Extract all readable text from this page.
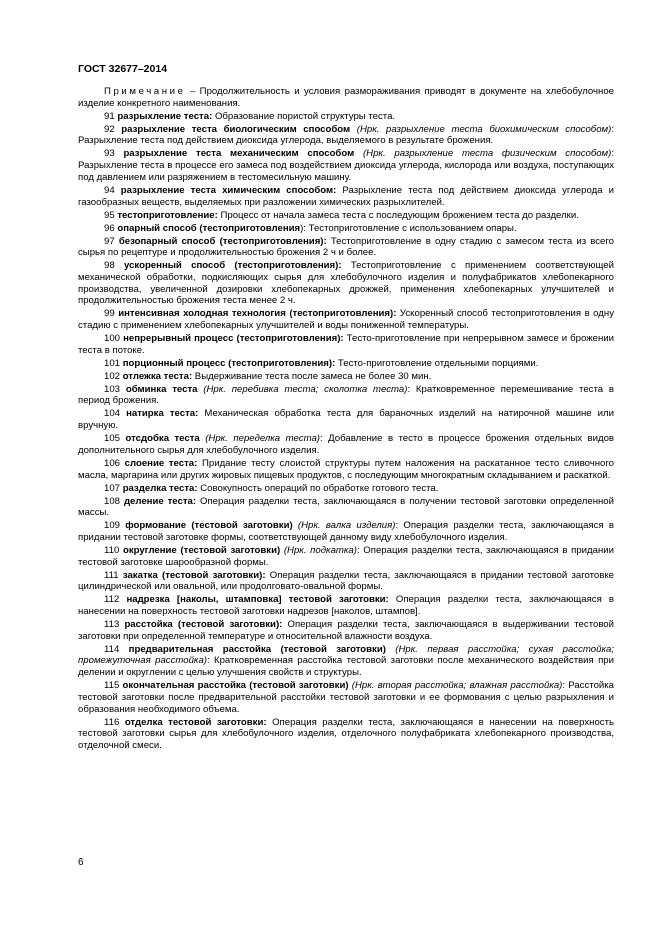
ГОСТ 32677–2014

Примечание – Продолжительность и условия размораживания приводят в документе на хлебобулочное изделие конкретного наименования.

91 разрыхление теста: Образование пористой структуры теста.

92 разрыхление теста биологическим способом (Нрк. разрыхление теста биохимическим способом): Разрыхление теста под действием диоксида углерода, выделяемого в результате брожения.

93 разрыхление теста механическим способом (Нрк. разрыхление теста физическим способом): Разрыхление теста в процессе его замеса под воздействием диоксида углерода, кислорода или воздуха, поступающих под давлением или разряжением в тестомесильную машину.

94 разрыхление теста химическим способом: Разрыхление теста под действием диоксида углерода и газообразных веществ, выделяемых при разложении химических разрыхлителей.

95 тестоприготовление: Процесс от начала замеса теста с последующим брожением теста до разделки.

96 опарный способ (тестоприготовления): Тестоприготовление с использованием опары.

97 безопарный способ (тестоприготовления): Тестоприготовление в одну стадию с замесом теста из всего сырья по рецептуре и продолжительностью брожения 2 ч и более.

98 ускоренный способ (тестоприготовления): Тестоприготовление с применением соответствующей механической обработки, подкисляющих сырья для хлебобулочного изделия и полуфабрикатов хлебопекарного производства, увеличенной дозировки хлебопекарных дрожжей, применения хлебопекарных улучшителей и продолжительностью брожения теста менее 2 ч.

99 интенсивная холодная технология (тестоприготовления): Ускоренный способ тестоприготовления в одну стадию с применением хлебопекарных улучшителей и воды пониженной температуры.

100 непрерывный процесс (тестоприготовления): Тесто-приготовление при непрерывном замесе и брожении теста в потоке.

101 порционный процесс (тестоприготовления): Тесто-приготовление отдельными порциями.

102 отлежка теста: Выдерживание теста после замеса не более 30 мин.

103 обминка теста (Нрк. перебивка теста; сколотка теста): Кратковременное перемешивание теста в период брожения.

104 натирка теста: Механическая обработка теста для бараночных изделий на натирочной машине или вручную.

105 отсдобка теста (Нрк. переделка теста): Добавление в тесто в процессе брожения отдельных видов дополнительного сырья для хлебобулочного изделия.

106 слоение теста: Придание тесту слоистой структуры путем наложения на раскатанное тесто сливочного масла, маргарина или других жировых пищевых продуктов, с последующим многократным складыванием и раскаткой.

107 разделка теста: Совокупность операций по обработке готового теста.

108 деление теста: Операция разделки теста, заключающаяся в получении тестовой заготовки определенной массы.

109 формование (тестовой заготовки) (Нрк. валка изделия): Операция разделки теста, заключающаяся в придании тестовой заготовке формы, соответствующей данному виду хлебобулочного изделия.

110 округление (тестовой заготовки) (Нрк. подкатка): Операция разделки теста, заключающаяся в придании тестовой заготовке шарообразной формы.

111 закатка (тестовой заготовки): Операция разделки теста, заключающаяся в придании тестовой заготовке цилиндрической или овальной, или продолговато-овальной формы.

112 надрезка [наколы, штамповка] тестовой заготовки: Операция разделки теста, заключающаяся в нанесении на поверхность тестовой заготовки надрезов [наколов, штампов].

113 расстойка (тестовой заготовки): Операция разделки теста, заключающаяся в выдерживании тестовой заготовки при определенной температуре и относительной влажности воздуха.

114 предварительная расстойка (тестовой заготовки) (Нрк. первая расстойка; сухая расстойка; промежуточная расстойка): Кратковременная расстойка тестовой заготовки после механического воздействия при делении и округлении с целью улучшения свойств и структуры.

115 окончательная расстойка (тестовой заготовки) (Нрк. вторая расстойка; влажная расстойка): Расстойка тестовой заготовки после предварительной расстойки тестовой заготовки и ее формования с целью разрыхления и образования необходимого объема.

116 отделка тестовой заготовки: Операция разделки теста, заключающаяся в нанесении на поверхность тестовой заготовки сырья для хлебобулочного изделия, отделочного полуфабриката хлебопекарного производства, отделочной смеси.

6
